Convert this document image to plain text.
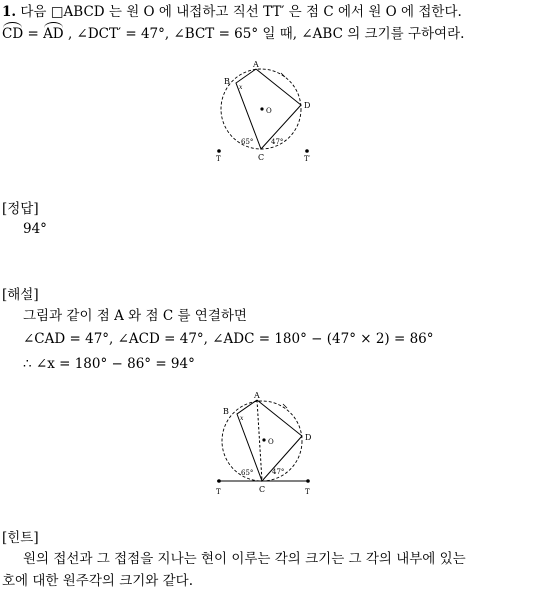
1. 다음 □ABCD 는 원 O 에 내접하고 직선 TT′ 은 점 C 에서 원 O 에 접한다.
CD = AD , ∠DCT′ = 47°, ∠BCT = 65° 일 때, ∠ABC 의 크기를 구하여라.
A
B
C
D
O
T	T′
x
65°	47°
[정답]
94°
[해설]
그림과 같이 점 A 와 점 C 를 연결하면
∠CAD = 47°, ∠ACD = 47°, ∠ADC = 180° − (47° × 2) = 86°
∴ ∠x = 180° − 86° = 94°
A
B
C
D
O
T	T
x
65°	47°
[힌트]
원의 접선과 그 접점을 지나는 현이 이루는 각의 크기는 그 각의 내부에 있는
호에 대한 원주각의 크기와 같다.
